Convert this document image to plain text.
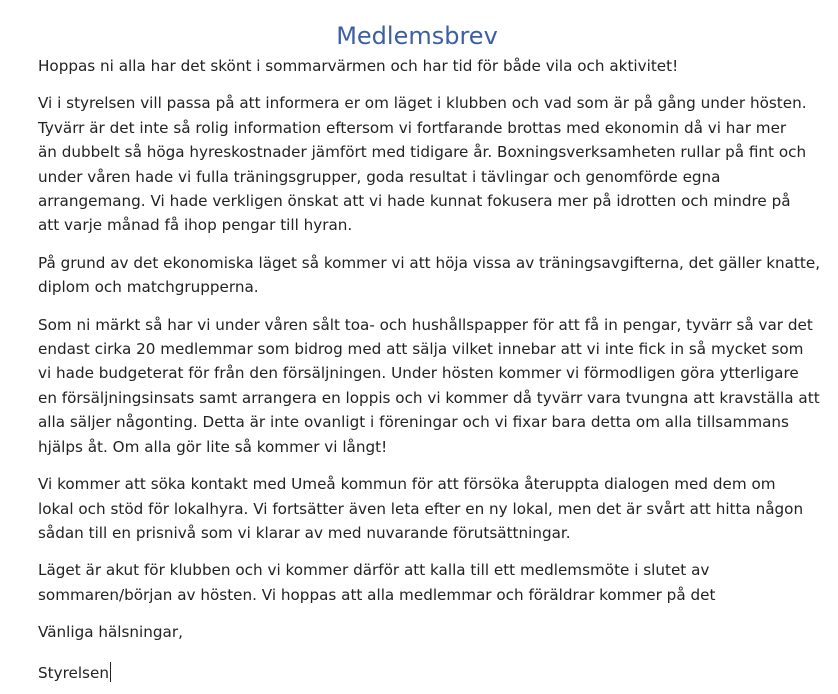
Medlemsbrev

Hoppas ni alla har det skönt i sommarvärmen och har tid för både vila och aktivitet!

Vi i styrelsen vill passa på att informera er om läget i klubben och vad som är på gång under hösten.
Tyvärr är det inte så rolig information eftersom vi fortfarande brottas med ekonomin då vi har mer
än dubbelt så höga hyreskostnader jämfört med tidigare år. Boxningsverksamheten rullar på fint och
under våren hade vi fulla träningsgrupper, goda resultat i tävlingar och genomförde egna
arrangemang. Vi hade verkligen önskat att vi hade kunnat fokusera mer på idrotten och mindre på
att varje månad få ihop pengar till hyran.

På grund av det ekonomiska läget så kommer vi att höja vissa av träningsavgifterna, det gäller knatte,
diplom och matchgrupperna.

Som ni märkt så har vi under våren sålt toa- och hushållspapper för att få in pengar, tyvärr så var det
endast cirka 20 medlemmar som bidrog med att sälja vilket innebar att vi inte fick in så mycket som
vi hade budgeterat för från den försäljningen. Under hösten kommer vi förmodligen göra ytterligare
en försäljningsinsats samt arrangera en loppis och vi kommer då tyvärr vara tvungna att kravställa att
alla säljer någonting. Detta är inte ovanligt i föreningar och vi fixar bara detta om alla tillsammans
hjälps åt. Om alla gör lite så kommer vi långt!

Vi kommer att söka kontakt med Umeå kommun för att försöka återuppta dialogen med dem om
lokal och stöd för lokalhyra. Vi fortsätter även leta efter en ny lokal, men det är svårt att hitta någon
sådan till en prisnivå som vi klarar av med nuvarande förutsättningar.

Läget är akut för klubben och vi kommer därför att kalla till ett medlemsmöte i slutet av
sommaren/början av hösten. Vi hoppas att alla medlemmar och föräldrar kommer på det

Vänliga hälsningar,

Styrelsen
